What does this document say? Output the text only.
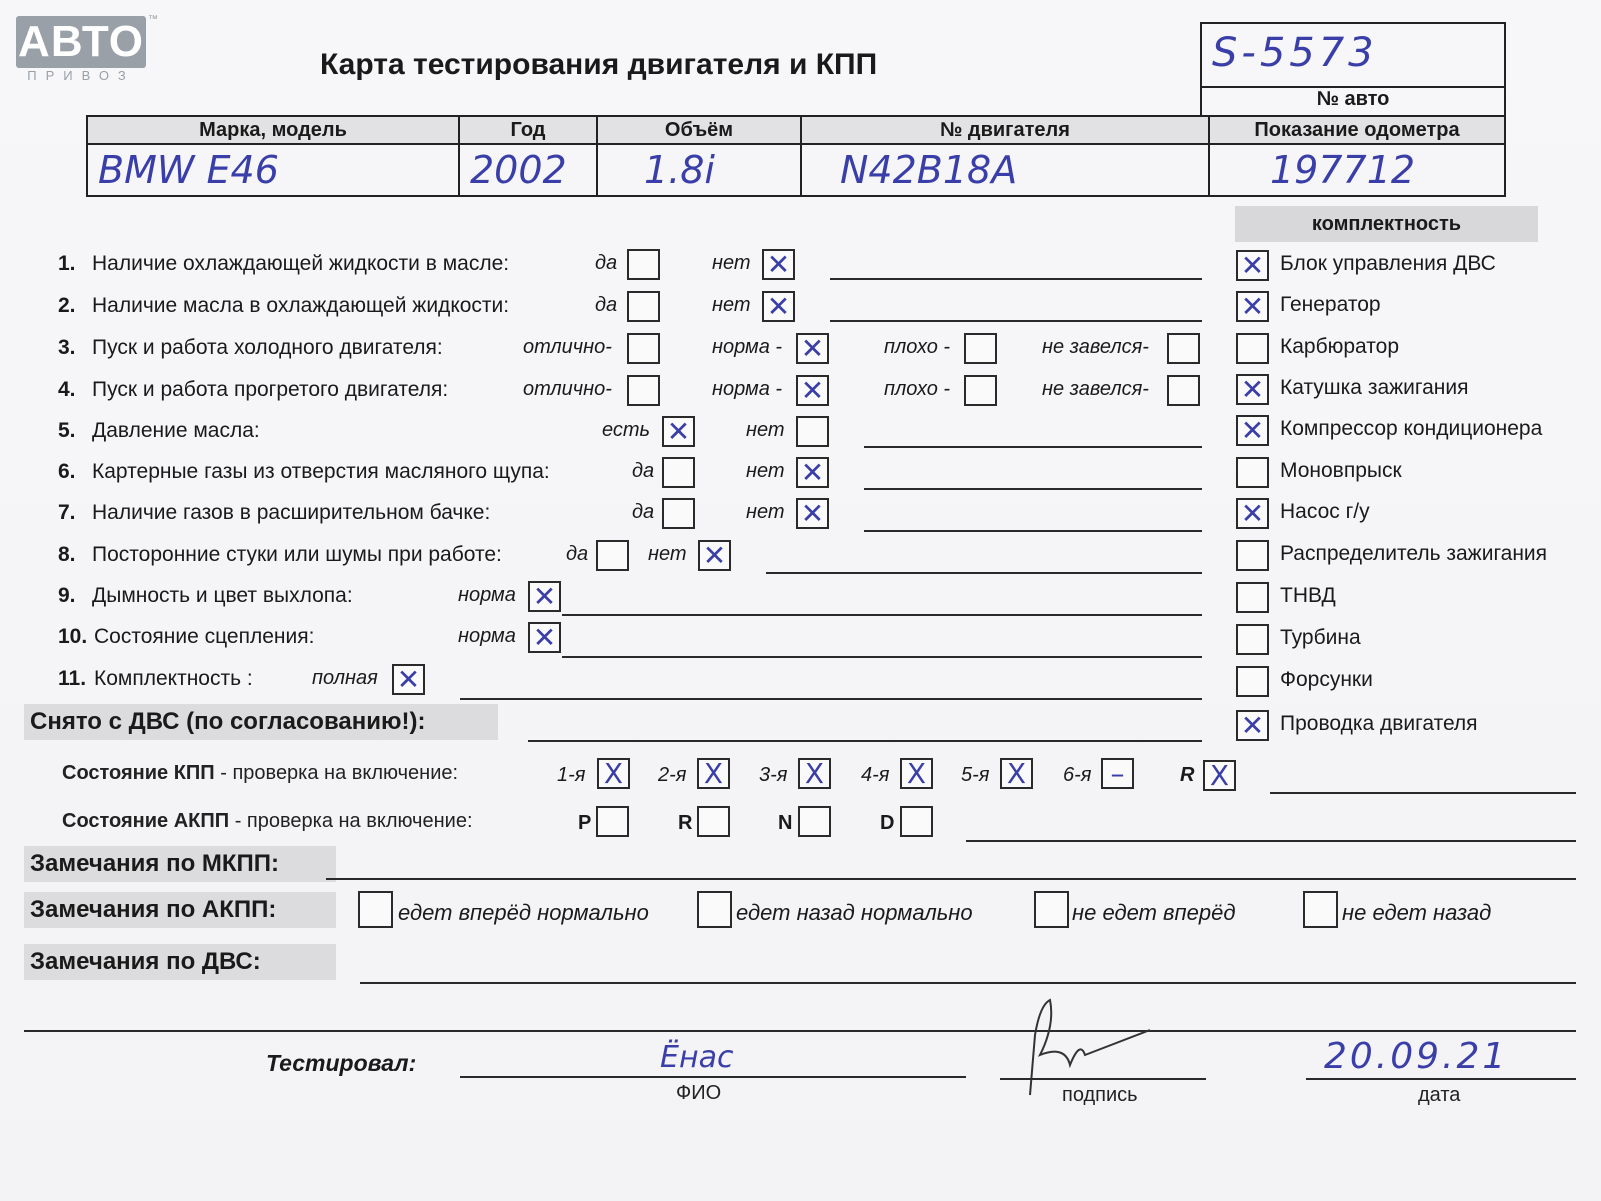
АВТО ™
ПРИВОЗ	Карта тестирования двигателя и КПП	S-5573
№ авто
Марка, модель	Год	Объём	№ двигателя	Показание одометра
BMW E46	2002	1.8i	N42B18A	197712
комплектность
1. Наличие охлаждающей жидкости в масле:	да	нет ✕
2. Наличие масла в охлаждающей жидкости:	да	нет ✕
3. Пуск и работа холодного двигателя:	отлично-	норма - ✕	плохо -	не завелся-
4. Пуск и работа прогретого двигателя:	отлично-	норма - ✕	плохо -	не завелся-
5. Давление масла:	есть ✕	нет
6. Картерные газы из отверстия масляного щупа:	да	нет ✕
7. Наличие газов в расширительном бачке:	да	нет ✕
8. Посторонние стуки или шумы при работе:	да	нет ✕
9. Дымность и цвет выхлопа:	норма ✕
10. Состояние сцепления:	норма ✕
11. Комплектность :	полная ✕
Снято с ДВС (по согласованию!):
Состояние КПП - проверка на включение:	1-я X	2-я X	3-я X	4-я X	5-я X	6-я –	R X
Состояние АКПП - проверка на включение:	P	R	N	D
Замечания по МКПП:
Замечания по АКПП:	едет вперёд нормально	едет назад нормально	не едет вперёд	не едет назад
Замечания по ДВС:
Тестировал:	Ёнас
ФИО	подпись
20.09.21
дата
✕ Блок управления ДВС
✕ Генератор
Карбюратор
✕ Катушка зажигания
✕ Компрессор кондиционера
Моновпрыск
✕ Насос г/у
Распределитель зажигания
ТНВД
Турбина
Форсунки
✕ Проводка двигателя
